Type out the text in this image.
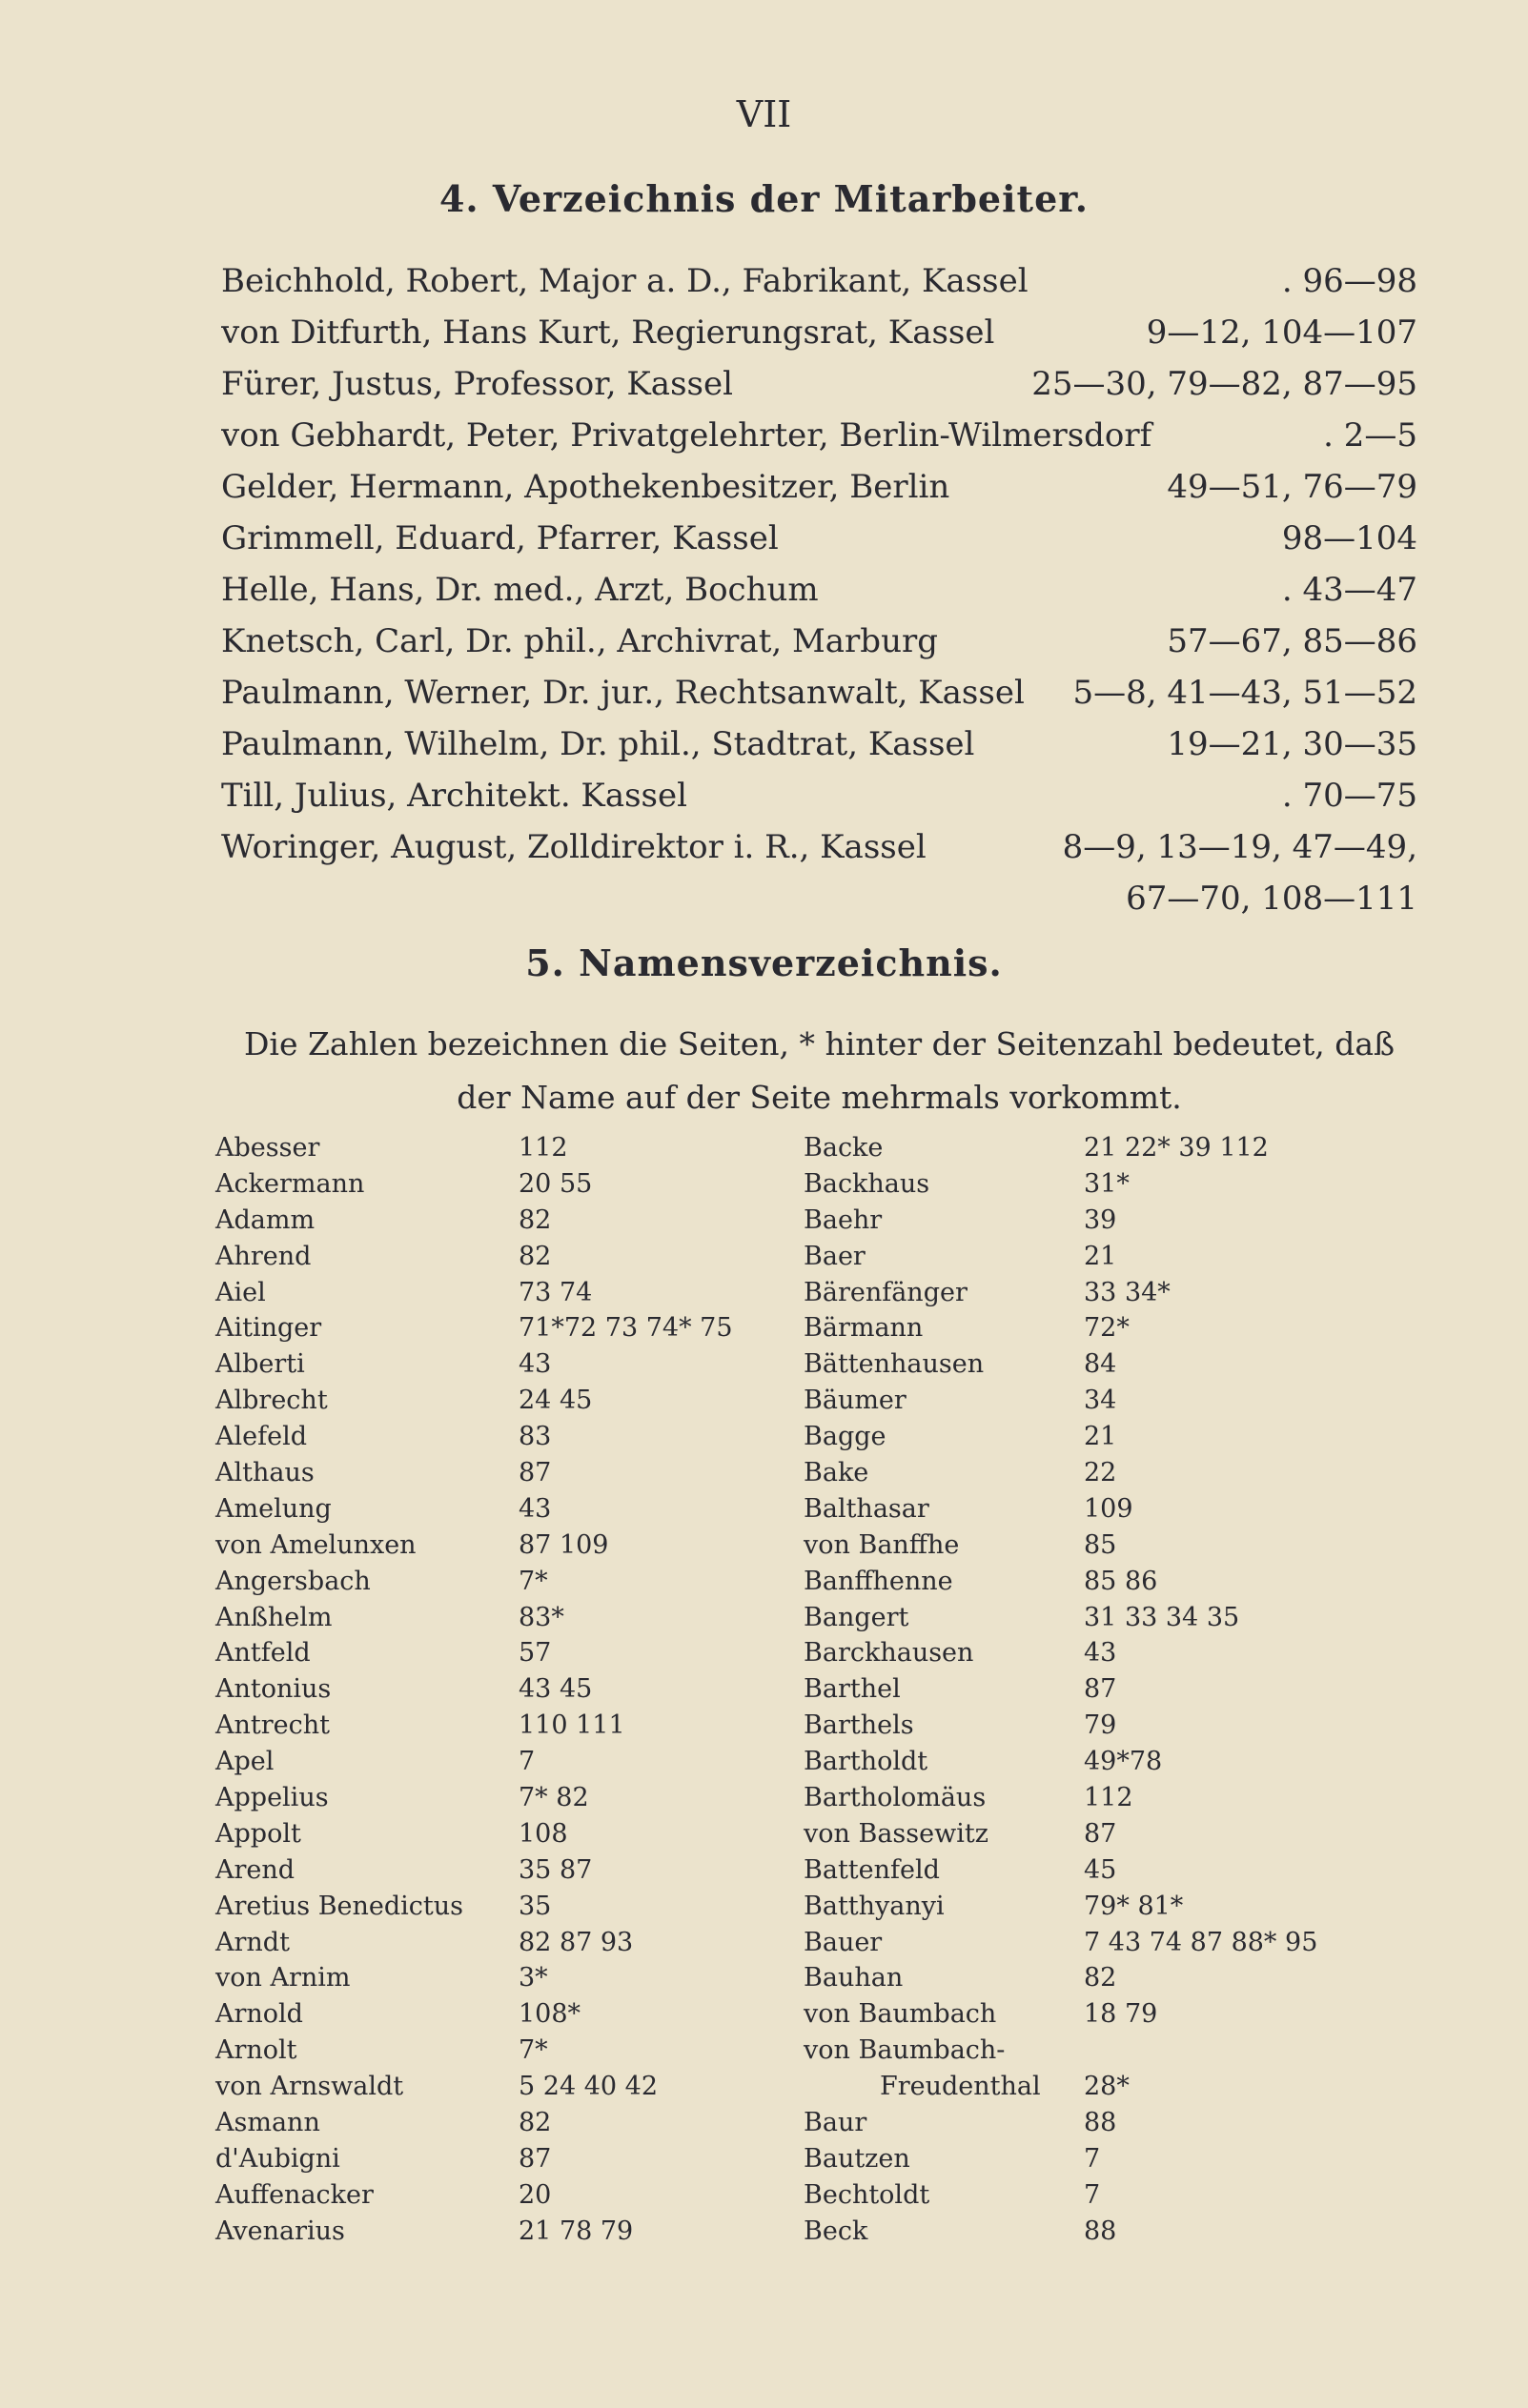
VII
4. Verzeichnis der Mitarbeiter.
Beichhold, Robert, Major a. D., Fabrikant, Kassel	. 96—98
von Ditfurth, Hans Kurt, Regierungsrat, Kassel	9—12, 104—107
Fürer, Justus, Professor, Kassel	25—30, 79—82, 87—95
von Gebhardt, Peter, Privatgelehrter, Berlin-Wilmersdorf	. 2—5
Gelder, Hermann, Apothekenbesitzer, Berlin	49—51, 76—79
Grimmell, Eduard, Pfarrer, Kassel	98—104
Helle, Hans, Dr. med., Arzt, Bochum	. 43—47
Knetsch, Carl, Dr. phil., Archivrat, Marburg	57—67, 85—86
Paulmann, Werner, Dr. jur., Rechtsanwalt, Kassel 5—8, 41—43, 51—52
Paulmann, Wilhelm, Dr. phil., Stadtrat, Kassel	19—21, 30—35
Till, Julius, Architekt. Kassel	. 70—75
Woringer, August, Zolldirektor i. R., Kassel	8—9, 13—19, 47—49,
67—70, 108—111
5. Namensverzeichnis.
Die Zahlen bezeichnen die Seiten, * hinter der Seitenzahl bedeutet, daß der Name auf der Seite mehrmals vorkommt.
Abesser	112
Ackermann	20 55
Adamm	82
Ahrend	82
Aiel	73 74
Aitinger	71*72 73 74* 75
Alberti	43
Albrecht	24 45
Alefeld	83
Althaus	87
Amelung	43
von Amelunxen	87 109
Angersbach	7*
Anßhelm	83*
Antfeld	57
Antonius	43 45
Antrecht	110 111
Apel	7
Appelius	7* 82
Appolt	108
Arend	35 87
Aretius Benedictus 35
Arndt	82 87 93
von Arnim	3*
Arnold	108*
Arnolt	7*
von Arnswaldt	5 24 40 42
Asmann	82
d'Aubigni	87
Auffenacker	20
Avenarius	21 78 79
Backe	21 22* 39 112
Backhaus	31*
Baehr	39
Baer	21
Bärenfänger	33 34*
Bärmann	72*
Bättenhausen	84
Bäumer	34
Bagge	21
Bake	22
Balthasar	109
von Banffhe	85
Banffhenne	85 86
Bangert	31 33 34 35
Barckhausen	43
Barthel	87
Barthels	79
Bartholdt	49*78
Bartholomäus	112
von Bassewitz	87
Battenfeld	45
Batthyanyi	79* 81*
Bauer	7 43 74 87 88* 95
Bauhan	82
von Baumbach	18 79
von Baumbach-
Freudenthal 28*
Baur	88
Bautzen	7
Bechtoldt	7
Beck	88
